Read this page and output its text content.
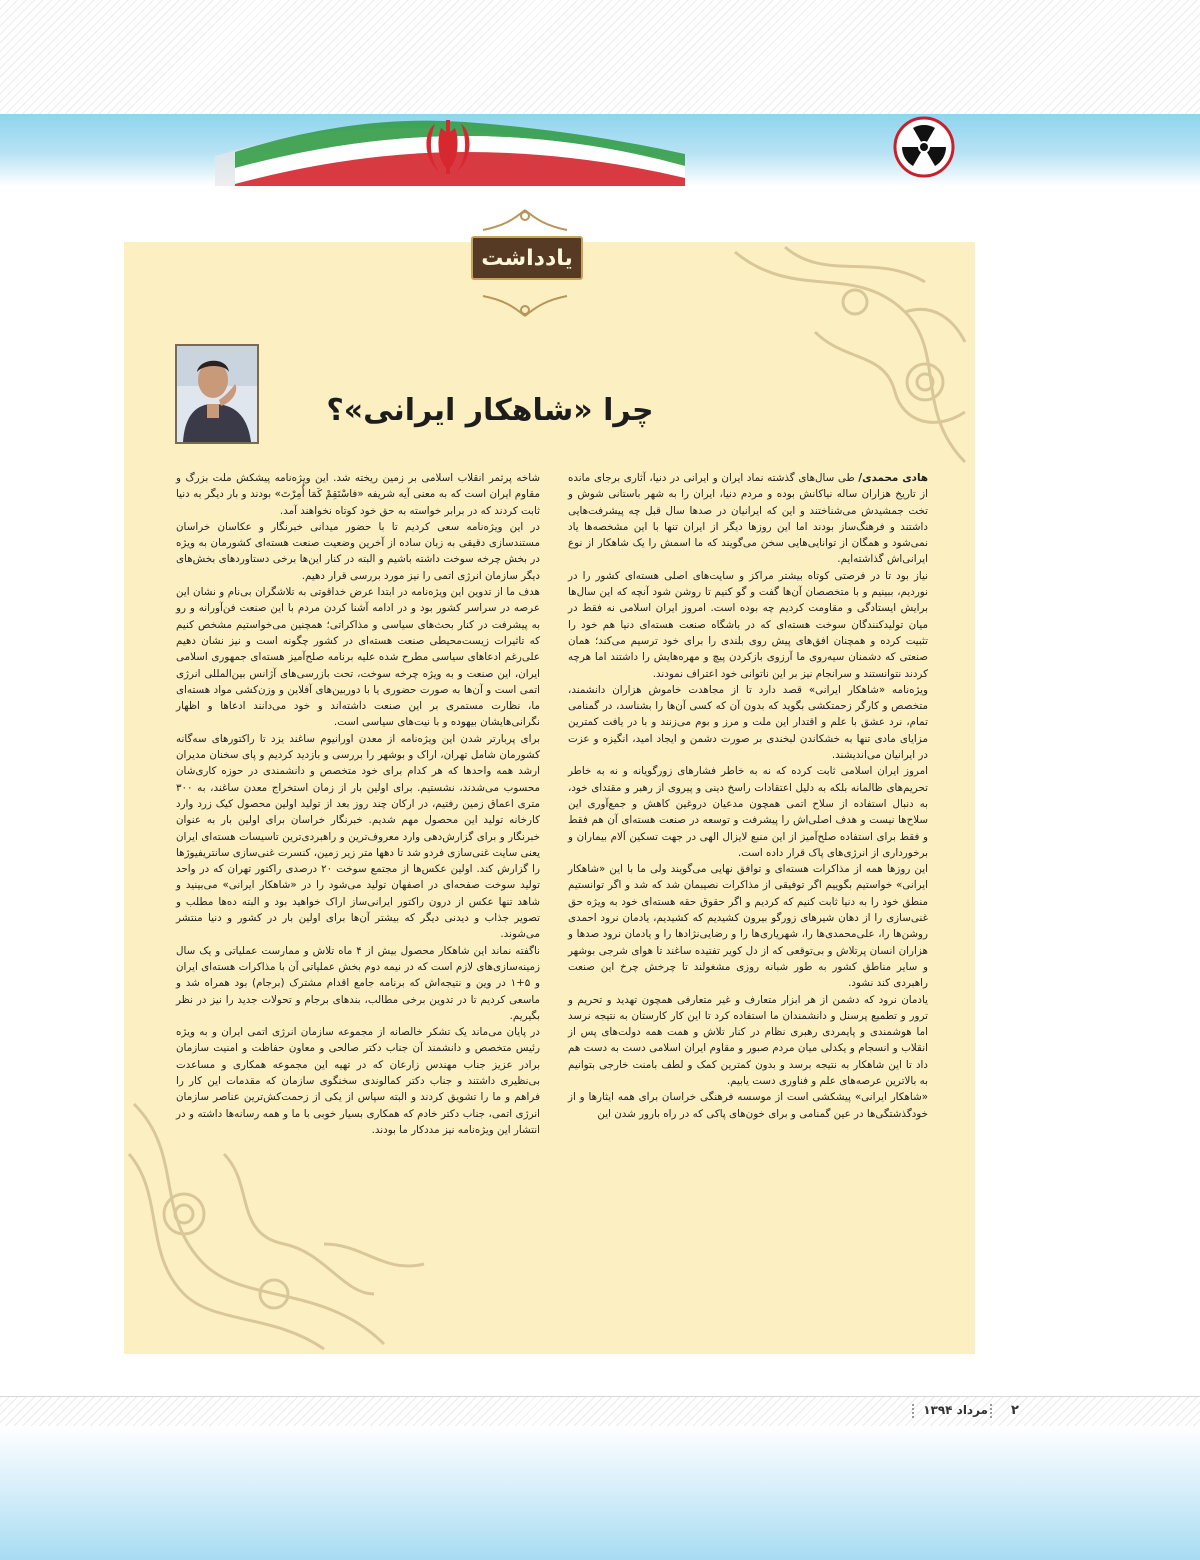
یادداشت
چرا «شاهکار ایرانی»؟

هادی محمدی/ طی سال‌های گذشته نماد ایران و ایرانی در دنیا، آثاری برجای مانده از تاریخ هزاران ساله نیاکانش بوده و مردم دنیا، ایران را به شهر باستانی شوش و تخت جمشیدش می‌شناختند و این که ایرانیان در صدها سال قبل چه پیشرفت‌هایی داشتند و فرهنگ‌ساز بودند اما این روزها دیگر از ایران تنها با این مشخصه‌ها یاد نمی‌شود و همگان از توانایی‌هایی سخن می‌گویند که ما اسمش را یک شاهکار از نوع ایرانی‌اش گذاشته‌ایم.

نیاز بود تا در فرصتی کوتاه بیشتر مراکز و سایت‌های اصلی هسته‌ای کشور را در نوردیم، ببینیم و با متخصصان آن‌ها گفت و گو کنیم تا روشن شود آنچه که این سال‌ها برایش ایستادگی و مقاومت کردیم چه بوده است. امروز ایران اسلامی نه فقط در میان تولیدکنندگان سوخت هسته‌ای که در باشگاه صنعت هسته‌ای دنیا هم خود را تثبیت کرده و همچنان افق‌های پیش روی بلندی را برای خود ترسیم می‌کند؛ همان صنعتی که دشمنان سیه‌روی ما آرزوی بازکردن پیچ و مهره‌هایش را داشتند اما هرچه کردند نتوانستند و سرانجام نیز بر این ناتوانی خود اعتراف نمودند.

ویژه‌نامه «شاهکار ایرانی» قصد دارد تا از مجاهدت خاموش هزاران دانشمند، متخصص و کارگر زحمتکشی بگوید که بدون آن که کسی آن‌ها را بشناسد، در گمنامی تمام، نرد عشق با علم و اقتدار این ملت و مرز و بوم می‌زنند و با در یافت کمترین مزایای مادی تنها به خشکاندن لبخندی بر صورت دشمن و ایجاد امید، انگیزه و عزت در ایرانیان می‌اندیشند.

امروز ایران اسلامی ثابت کرده که نه به خاطر فشارهای زورگویانه و نه به خاطر تحریم‌های ظالمانه بلکه به دلیل اعتقادات راسخ دینی و پیروی از رهبر و مقتدای خود، به دنبال استفاده از سلاح اتمی همچون مدعیان دروغین کاهش و جمع‌آوری این سلاح‌ها نیست و هدف اصلی‌اش را پیشرفت و توسعه در صنعت هسته‌ای آن هم فقط و فقط برای استفاده صلح‌آمیز از این منبع لایزال الهی در جهت تسکین آلام بیماران و برخورداری از انرژی‌های پاک قرار داده است.

این روزها همه از مذاکرات هسته‌ای و توافق نهایی می‌گویند ولی ما با این «شاهکار ایرانی» خواستیم بگوییم اگر توفیقی از مذاکرات نصیبمان شد که شد و اگر توانستیم منطق خود را به دنیا ثابت کنیم که کردیم و اگر حقوق حقه هسته‌ای خود به ویژه حق غنی‌سازی را از دهان شیرهای زورگو بیرون کشیدیم که کشیدیم، یادمان نرود احمدی روشن‌ها را، علی‌محمدی‌ها را، شهریاری‌ها را و رضایی‌نژادها را و یادمان نرود صدها و هزاران انسان پرتلاش و بی‌توقعی که از دل کویر تفتیده ساغند تا هوای شرجی بوشهر و سایر مناطق کشور به طور شبانه روزی مشغولند تا چرخش چرخ این صنعت راهبردی کند نشود.

یادمان نرود که دشمن از هر ابزار متعارف و غیر متعارفی همچون تهدید و تحریم و ترور و تطمیع پرسنل و دانشمندان ما استفاده کرد تا این کار کارستان به نتیجه نرسد اما هوشمندی و پایمردی رهبری نظام در کنار تلاش و همت همه دولت‌های پس از انقلاب و انسجام و یکدلی میان مردم صبور و مقاوم ایران اسلامی دست به دست هم داد تا این شاهکار به نتیجه برسد و بدون کمترین کمک و لطف بامنت خارجی بتوانیم به بالاترین عرصه‌های علم و فناوری دست یابیم.

«شاهکار ایرانی» پیشکشی است از موسسه فرهنگی خراسان برای همه ایثارها و از خودگذشتگی‌ها در عین گمنامی و برای خون‌های پاکی که در راه بارور شدن این

شاخه پرثمر انقلاب اسلامی بر زمین ریخته شد. این ویژه‌نامه پیشکش ملت بزرگ و مقاوم ایران است که به معنی آیه شریفه «فاسْتَقِمْ کَمَا أُمِرْتَ» بودند و بار دیگر به دنیا ثابت کردند که در برابر خواسته به حق خود کوتاه نخواهند آمد.

در این ویژه‌نامه سعی کردیم تا با حضور میدانی خبرنگار و عکاسان خراسان مستندسازی دقیقی به زبان ساده از آخرین وضعیت صنعت هسته‌ای کشورمان به ویژه در بخش چرخه سوخت داشته باشیم و البته در کنار این‌ها برخی دستاوردهای بخش‌های دیگر سازمان انرژی اتمی را نیز مورد بررسی قرار دهیم.

هدف ما از تدوین این ویژه‌نامه در ابتدا عرض خداقوتی به تلاشگران بی‌نام و نشان این عرصه در سراسر کشور بود و در ادامه آشنا کردن مردم با این صنعت فن‌آورانه و رو به پیشرفت در کنار بحث‌های سیاسی و مذاکراتی؛ همچنین می‌خواستیم مشخص کنیم که تاثیرات زیست‌محیطی صنعت هسته‌ای در کشور چگونه است و نیز نشان دهیم علی‌رغم ادعاهای سیاسی مطرح شده علیه برنامه صلح‌آمیز هسته‌ای جمهوری اسلامی ایران، این صنعت و به ویژه چرخه سوخت، تحت بازرسی‌های آژانس بین‌المللی انرژی اتمی است و آن‌ها به صورت حضوری یا با دوربین‌های آفلاین و وزن‌کشی مواد هسته‌ای ما، نظارت مستمری بر این صنعت داشته‌اند و خود می‌دانند ادعاها و اظهار نگرانی‌هایشان بیهوده و با نیت‌های سیاسی است.

برای پربارتر شدن این ویژه‌نامه از معدن اورانیوم ساغند یزد تا راکتورهای سه‌گانه کشورمان شامل تهران، اراک و بوشهر را بررسی و بازدید کردیم و پای سخنان مدیران ارشد همه واحدها که هر کدام برای خود متخصص و دانشمندی در حوزه کاری‌شان محسوب می‌شدند، نشستیم. برای اولین بار از زمان استخراج معدن ساغند، به ۳۰۰ متری اعماق زمین رفتیم، در ارکان چند روز بعد از تولید اولین محصول کیک زرد وارد کارخانه تولید این محصول مهم شدیم. خبرنگار خراسان برای اولین بار به عنوان خبرنگار و برای گزارش‌دهی وارد معروف‌ترین و راهبردی‌ترین تاسیسات هسته‌ای ایران یعنی سایت غنی‌سازی فردو شد تا دهها متر زیر زمین، کنسرت غنی‌سازی سانتریفیوژها را گزارش کند. اولین عکس‌ها از مجتمع سوخت ۲۰ درصدی راکتور تهران که در واحد تولید سوخت صفحه‌ای در اصفهان تولید می‌شود را در «شاهکار ایرانی» می‌بینید و شاهد تنها عکس از درون راکتور ایرانی‌ساز اراک خواهید بود و البته ده‌ها مطلب و تصویر جذاب و دیدنی دیگر که بیشتر آن‌ها برای اولین بار در کشور و دنیا منتشر می‌شوند.

ناگفته نماند این شاهکار محصول بیش از ۴ ماه تلاش و ممارست عملیاتی و یک سال زمینه‌سازی‌های لازم است که در نیمه دوم بخش عملیاتی آن با مذاکرات هسته‌ای ایران و ۵+۱ در وین و نتیجه‌اش که برنامه جامع اقدام مشترک (برجام) بود همراه شد و ماسعی کردیم تا در تدوین برخی مطالب، بندهای برجام و تحولات جدید را نیز در نظر بگیریم.

در پایان می‌ماند یک تشکر خالصانه از مجموعه سازمان انرژی اتمی ایران و به ویژه رئیس متخصص و دانشمند آن جناب دکتر صالحی و معاون حفاظت و امنیت سازمان برادر عزیز جناب مهندس زارعان که در تهیه این مجموعه همکاری و مساعدت بی‌نظیری داشتند و جناب دکتر کمالوندی سخنگوی سازمان که مقدمات این کار را فراهم و ما را تشویق کردند و البته سپاس از یکی از زحمت‌کش‌ترین عناصر سازمان انرژی اتمی، جناب دکتر خادم که همکاری بسیار خوبی با ما و همه رسانه‌ها داشته و در انتشار این ویژه‌نامه نیز مددکار ما بودند.

۲
مرداد ۱۳۹۴
